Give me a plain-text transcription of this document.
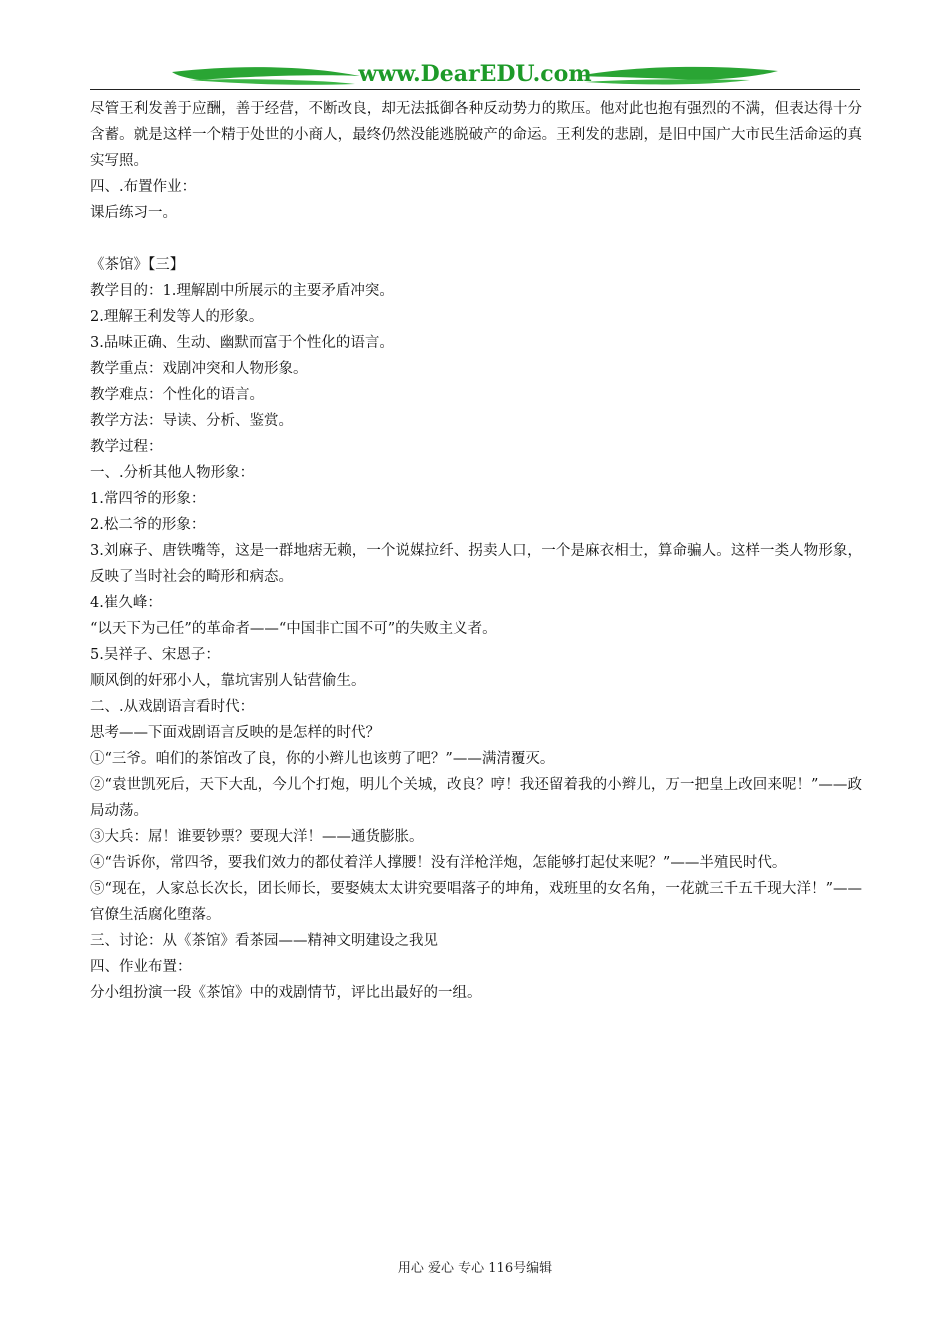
www.DearEDU.com

尽管王利发善于应酬，善于经营，不断改良，却无法抵御各种反动势力的欺压。他对此也抱有强烈的不满，但表达得十分含蓄。就是这样一个精于处世的小商人，最终仍然没能逃脱破产的命运。王利发的悲剧，是旧中国广大市民生活命运的真实写照。

四、.布置作业：

课后练习一。

《茶馆》【三】

教学目的：1.理解剧中所展示的主要矛盾冲突。

2.理解王利发等人的形象。

3.品味正确、生动、幽默而富于个性化的语言。

教学重点：戏剧冲突和人物形象。

教学难点：个性化的语言。

教学方法：导读、分析、鉴赏。

教学过程：

一、.分析其他人物形象：

1.常四爷的形象：

2.松二爷的形象：

3.刘麻子、唐铁嘴等，这是一群地痞无赖，一个说媒拉纤、拐卖人口，一个是麻衣相士，算命骗人。这样一类人物形象，反映了当时社会的畸形和病态。

4.崔久峰：

“以天下为己任”的革命者——“中国非亡国不可”的失败主义者。

5.吴祥子、宋恩子：

顺风倒的奸邪小人，靠坑害别人钻营偷生。

二、.从戏剧语言看时代：

思考——下面戏剧语言反映的是怎样的时代？

①“三爷。咱们的茶馆改了良，你的小辫儿也该剪了吧？”——满清覆灭。

②“袁世凯死后，天下大乱，今儿个打炮，明儿个关城，改良？哼！我还留着我的小辫儿，万一把皇上改回来呢！”——政局动荡。

③大兵：屌！谁要钞票？要现大洋！——通货膨胀。

④“告诉你，常四爷，要我们效力的都仗着洋人撑腰！没有洋枪洋炮，怎能够打起仗来呢？”——半殖民时代。

⑤“现在，人家总长次长，团长师长，要娶姨太太讲究要唱落子的坤角，戏班里的女名角，一花就三千五千现大洋！”——官僚生活腐化堕落。

三、讨论：从《茶馆》看茶园——精神文明建设之我见

四、作业布置：

分小组扮演一段《茶馆》中的戏剧情节，评比出最好的一组。

用心 爱心 专心 116号编辑
